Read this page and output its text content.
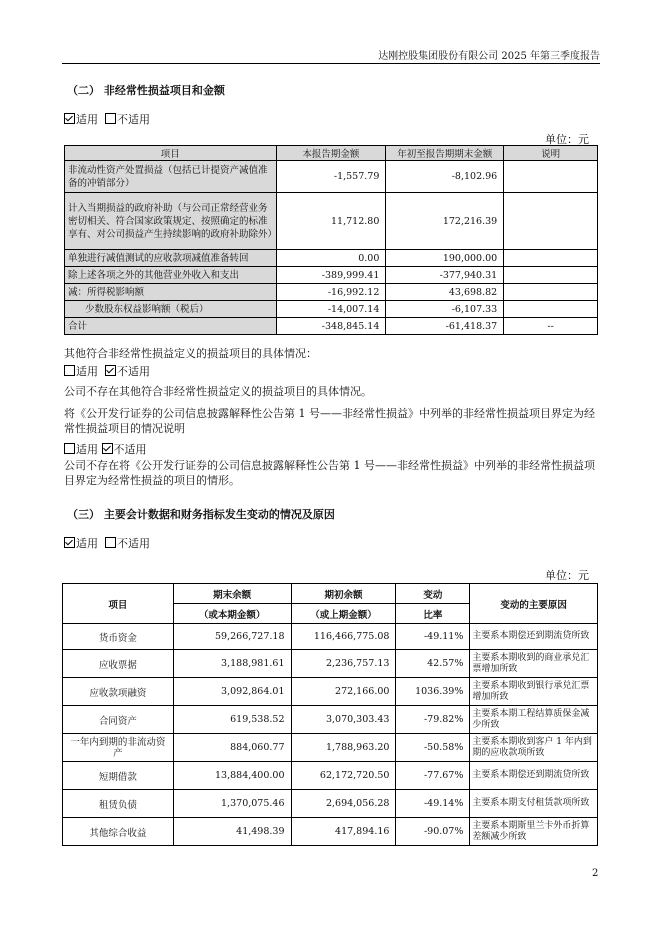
达刚控股集团股份有限公司 2025 年第三季度报告
（二） 非经常性损益项目和金额
适用 不适用
单位：元
项目	本报告期金额	年初至报告期期末金额	说明
非流动性资产处置损益（包括已计提资产减值准备的冲销部分）	-1,557.79	-8,102.96	
计入当期损益的政府补助（与公司正常经营业务密切相关、符合国家政策规定、按照确定的标准享有、对公司损益产生持续影响的政府补助除外）	11,712.80	172,216.39	
单独进行减值测试的应收款项减值准备转回	0.00	190,000.00	
除上述各项之外的其他营业外收入和支出	-389,999.41	-377,940.31	
减：所得税影响额	-16,992.12	43,698.82	
少数股东权益影响额（税后）	-14,007.14	-6,107.33	
合计	-348,845.14	-61,418.37	--
其他符合非经常性损益定义的损益项目的具体情况：
适用 不适用
公司不存在其他符合非经常性损益定义的损益项目的具体情况。
将《公开发行证券的公司信息披露解释性公告第 1 号——非经常性损益》中列举的非经常性损益项目界定为经常性损益项目的情况说明
适用 不适用
公司不存在将《公开发行证券的公司信息披露解释性公告第 1 号——非经常性损益》中列举的非经常性损益项目界定为经常性损益的项目的情形。
（三） 主要会计数据和财务指标发生变动的情况及原因
适用 不适用
单位：元
项目	期末余额	期初余额	变动	变动的主要原因
	（或本期金额）	（或上期金额）	比率	
货币资金	59,266,727.18	116,466,775.08	-49.11%	主要系本期偿还到期流贷所致
应收票据	3,188,981.61	2,236,757.13	42.57%	主要系本期收到的商业承兑汇票增加所致
应收款项融资	3,092,864.01	272,166.00	1036.39%	主要系本期收到银行承兑汇票增加所致
合同资产	619,538.52	3,070,303.43	-79.82%	主要系本期工程结算质保金减少所致
一年内到期的非流动资产	884,060.77	1,788,963.20	-50.58%	主要系本期收到客户 1 年内到期的应收款项所致
短期借款	13,884,400.00	62,172,720.50	-77.67%	主要系本期偿还到期流贷所致
租赁负债	1,370,075.46	2,694,056.28	-49.14%	主要系本期支付租赁款项所致
其他综合收益	41,498.39	417,894.16	-90.07%	主要系本期斯里兰卡外币折算差额减少所致
2
